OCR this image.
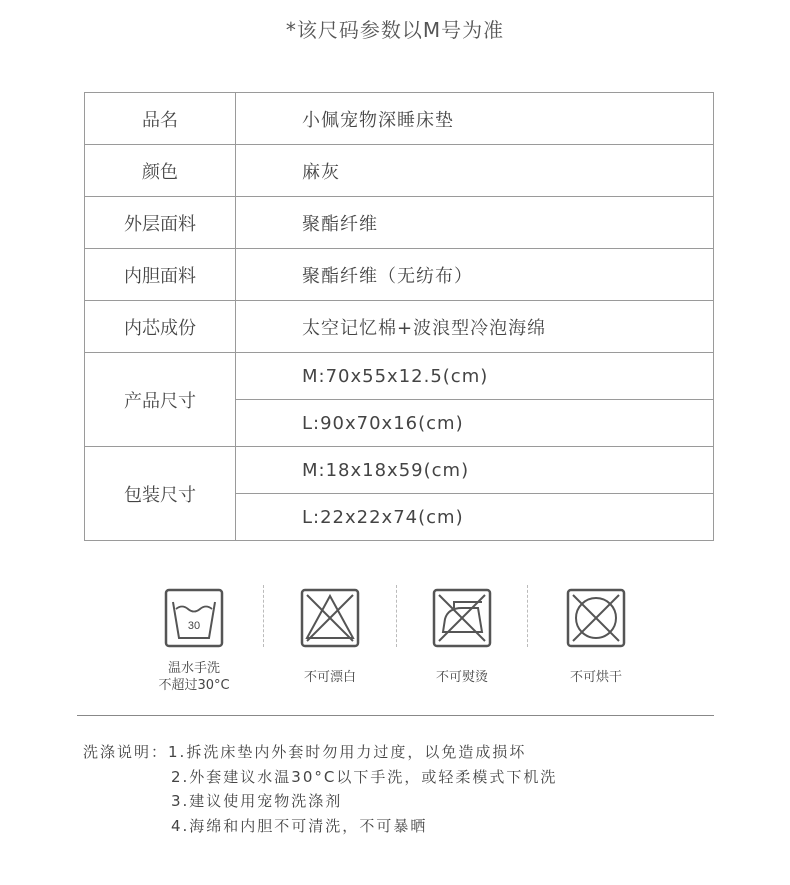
*该尺码参数以M号为准
品名	小佩宠物深睡床垫
颜色	麻灰
外层面料	聚酯纤维
内胆面料	聚酯纤维（无纺布）
内芯成份	太空记忆棉+波浪型冷泡海绵
产品尺寸	M:70x55x12.5(cm)
	L:90x70x16(cm)
包装尺寸	M:18x18x59(cm)
	L:22x22x74(cm)
30
温水手洗
不超过30°C
不可漂白	不可熨烫	不可烘干
洗涤说明：1.拆洗床垫内外套时勿用力过度，以免造成损坏
2.外套建议水温30°C以下手洗，或轻柔模式下机洗
3.建议使用宠物洗涤剂
4.海绵和内胆不可清洗，不可暴晒
